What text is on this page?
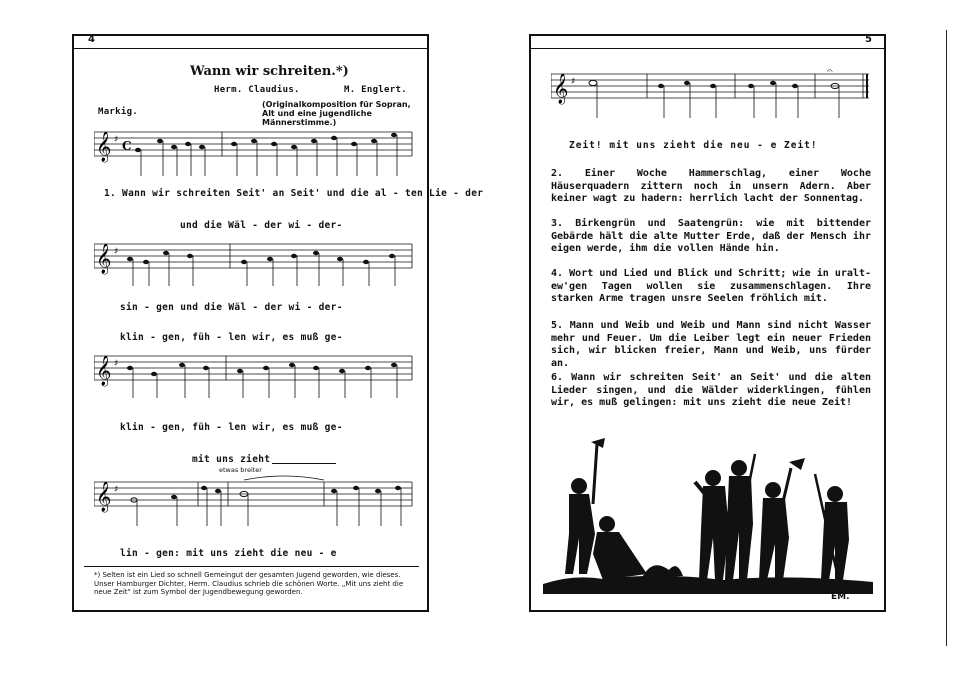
4
Wann wir schreiten.*)
Herm. Claudius.	M. Englert.
Markig.
(Originalkomposition für Sopran, Alt und eine jugendliche Männerstimme.)
𝄞 ♯ C
1. Wann wir schreiten Seit' an Seit' und die al - ten Lie - der
und die Wäl - der wi - der-
𝄞 ♯
sin - gen und die Wäl - der wi - der-
klin - gen, füh - len wir, es muß ge-
𝄞 ♯
klin - gen, füh - len wir, es muß ge-
mit uns zieht
etwas breiter
𝄞 ♯
lin - gen: mit uns zieht die neu - e
*) Selten ist ein Lied so schnell Gemeingut der gesamten Jugend geworden, wie dieses. Unser Hamburger Dichter, Herm. Claudius schrieb die schönen Worte. „Mit uns zieht die neue Zeit" ist zum Symbol der Jugendbewegung geworden.
5
𝄞 ♯
𝄐
Zeit! mit uns zieht die neu - e Zeit!
2. Einer Woche Hammerschlag, einer Woche Häuserquadern zittern noch in unsern Adern. Aber keiner wagt zu hadern: herrlich lacht der Sonnentag.
3. Birkengrün und Saatengrün: wie mit bittender Gebärde hält die alte Mutter Erde, daß der Mensch ihr eigen werde, ihm die vollen Hände hin.
4. Wort und Lied und Blick und Schritt; wie in uralt-ew'gen Tagen wollen sie zusammenschlagen. Ihre starken Arme tragen unsre Seelen fröhlich mit.
5. Mann und Weib und Weib und Mann sind nicht Wasser mehr und Feuer. Um die Leiber legt ein neuer Frieden sich, wir blicken freier, Mann und Weib, uns fürder an.
6. Wann wir schreiten Seit' an Seit' und die alten Lieder singen, und die Wälder widerklingen, fühlen wir, es muß gelingen: mit uns zieht die neue Zeit!
EM.
